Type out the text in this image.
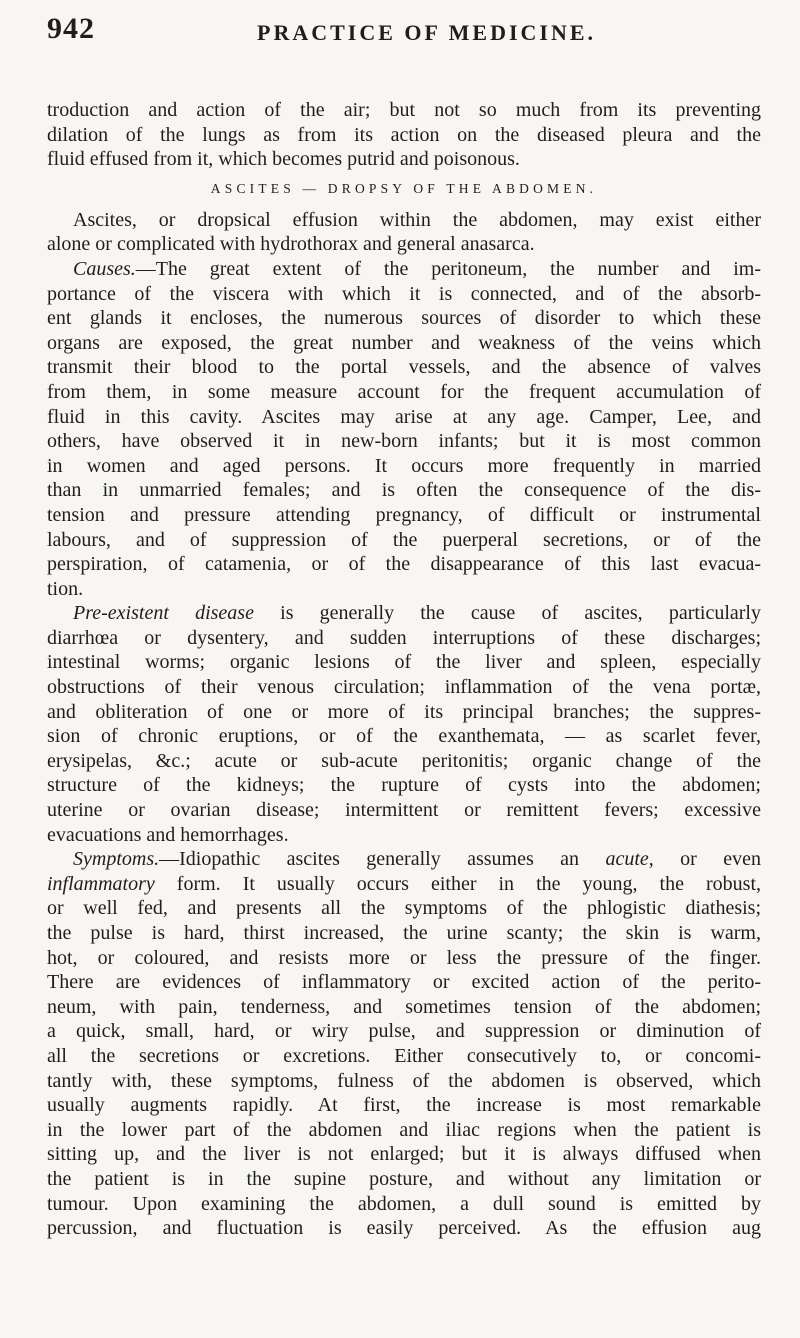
942	PRACTICE OF MEDICINE.
troduction and action of the air; but not so much from its preventing
dilation of the lungs as from its action on the diseased pleura and the
fluid effused from it, which becomes putrid and poisonous.
ASCITES — DROPSY OF THE ABDOMEN.
Ascites, or dropsical effusion within the abdomen, may exist either
alone or complicated with hydrothorax and general anasarca.
Causes.—The great extent of the peritoneum, the number and im-
portance of the viscera with which it is connected, and of the absorb-
ent glands it encloses, the numerous sources of disorder to which these
organs are exposed, the great number and weakness of the veins which
transmit their blood to the portal vessels, and the absence of valves
from them, in some measure account for the frequent accumulation of
fluid in this cavity. Ascites may arise at any age. Camper, Lee, and
others, have observed it in new-born infants; but it is most common
in women and aged persons. It occurs more frequently in married
than in unmarried females; and is often the consequence of the dis-
tension and pressure attending pregnancy, of difficult or instrumental
labours, and of suppression of the puerperal secretions, or of the
perspiration, of catamenia, or of the disappearance of this last evacua-
tion.
Pre-existent disease is generally the cause of ascites, particularly
diarrhœa or dysentery, and sudden interruptions of these discharges;
intestinal worms; organic lesions of the liver and spleen, especially
obstructions of their venous circulation; inflammation of the vena portæ,
and obliteration of one or more of its principal branches; the suppres-
sion of chronic eruptions, or of the exanthemata, — as scarlet fever,
erysipelas, &c.; acute or sub-acute peritonitis; organic change of the
structure of the kidneys; the rupture of cysts into the abdomen;
uterine or ovarian disease; intermittent or remittent fevers; excessive
evacuations and hemorrhages.
Symptoms.—Idiopathic ascites generally assumes an acute, or even
inflammatory form. It usually occurs either in the young, the robust,
or well fed, and presents all the symptoms of the phlogistic diathesis;
the pulse is hard, thirst increased, the urine scanty; the skin is warm,
hot, or coloured, and resists more or less the pressure of the finger.
There are evidences of inflammatory or excited action of the perito-
neum, with pain, tenderness, and sometimes tension of the abdomen;
a quick, small, hard, or wiry pulse, and suppression or diminution of
all the secretions or excretions. Either consecutively to, or concomi-
tantly with, these symptoms, fulness of the abdomen is observed, which
usually augments rapidly. At first, the increase is most remarkable
in the lower part of the abdomen and iliac regions when the patient is
sitting up, and the liver is not enlarged; but it is always diffused when
the patient is in the supine posture, and without any limitation or
tumour. Upon examining the abdomen, a dull sound is emitted by
percussion, and fluctuation is easily perceived. As the effusion aug
